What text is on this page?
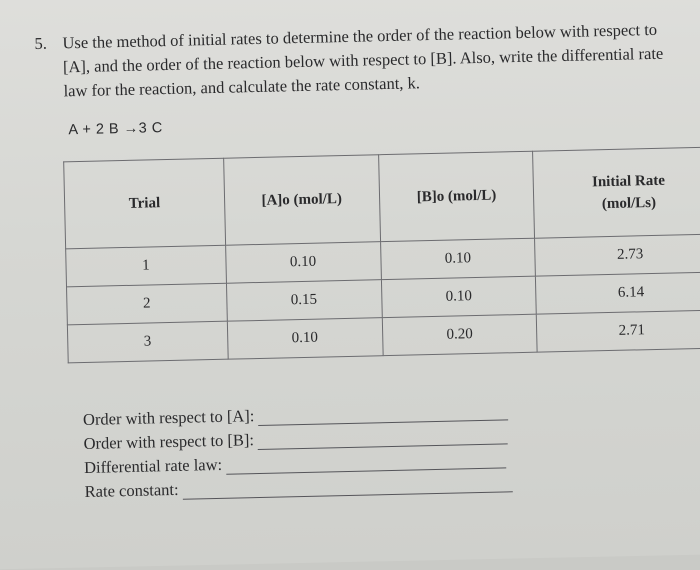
5. Use the method of initial rates to determine the order of the reaction below with respect to [A], and the order of the reaction below with respect to [B]. Also, write the differential rate law for the reaction, and calculate the rate constant, k.
A + 2 B →3 C
Trial	[A]o (mol/L)	[B]o (mol/L)	Initial Rate
(mol/Ls)

1	0.10	0.10	2.73
2	0.15	0.10	6.14
3	0.10	0.20	2.71
Order with respect to [A]:
Order with respect to [B]:
Differential rate law:
Rate constant:
